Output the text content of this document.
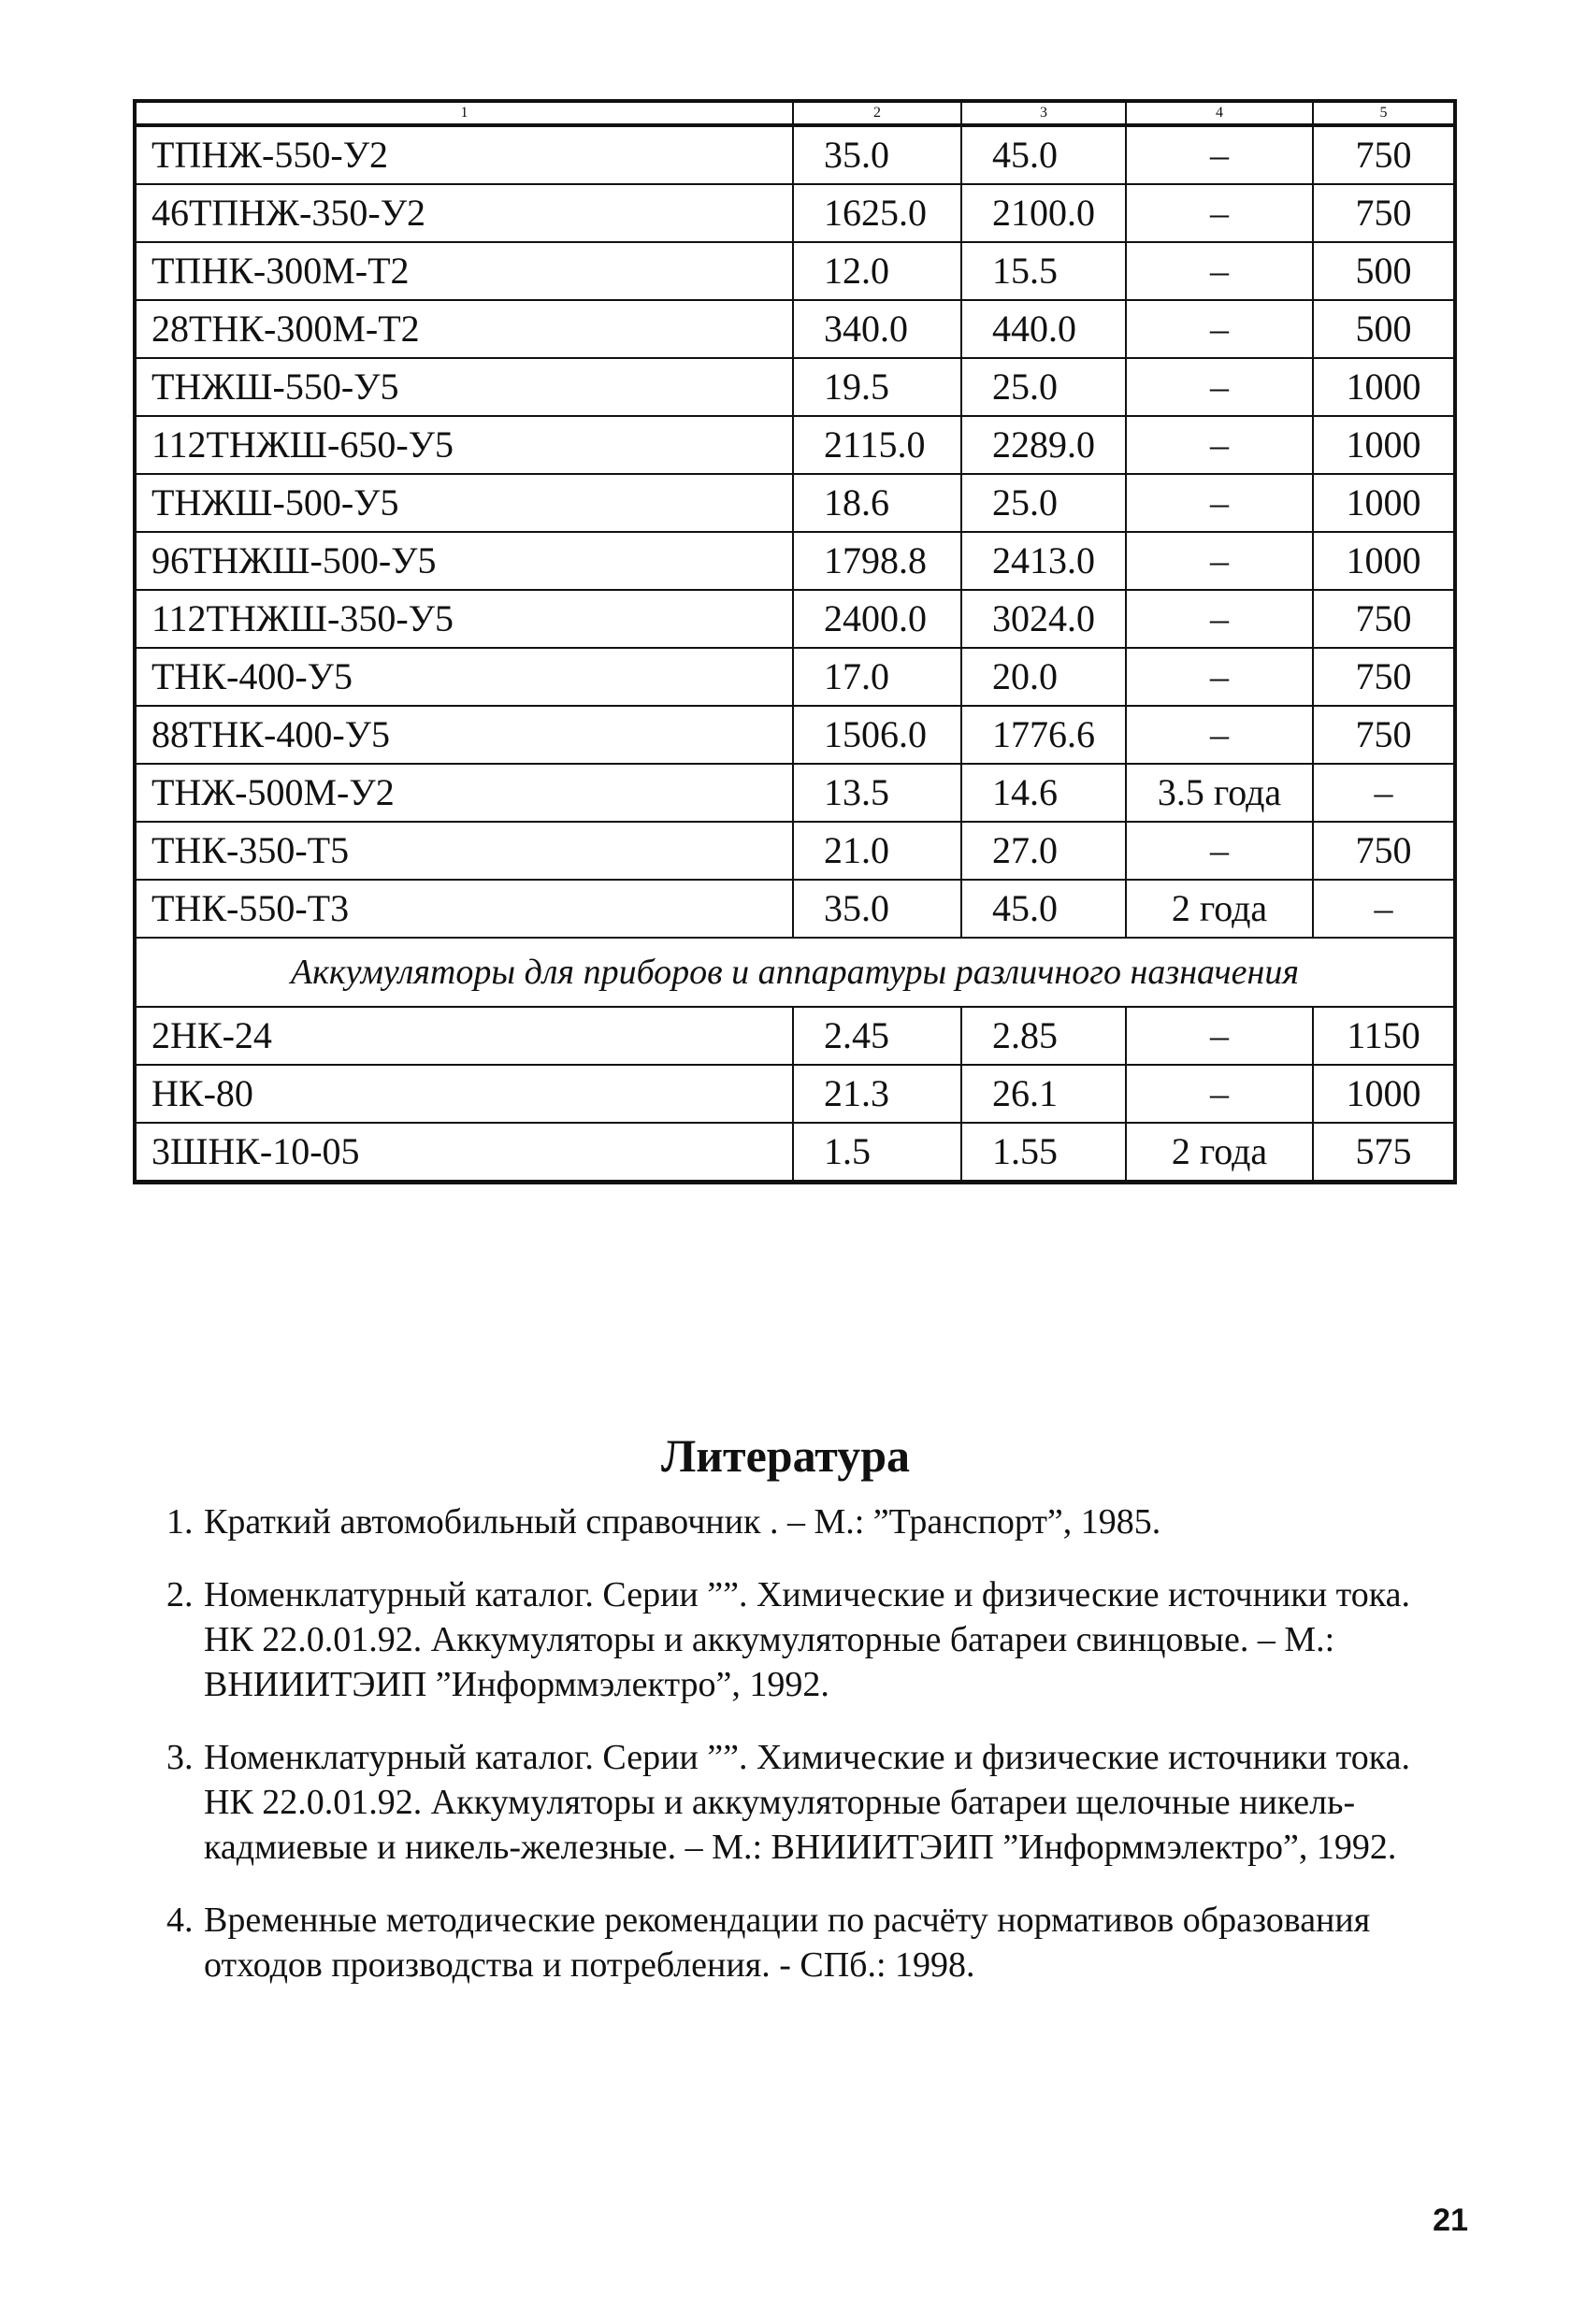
1	2	3	4	5
ТПНЖ-550-У2	35.0	45.0	–	750
46ТПНЖ-350-У2	1625.0	2100.0	–	750
ТПНК-300М-Т2	12.0	15.5	–	500
28ТНК-300М-Т2	340.0	440.0	–	500
ТНЖШ-550-У5	19.5	25.0	–	1000
112ТНЖШ-650-У5	2115.0	2289.0	–	1000
ТНЖШ-500-У5	18.6	25.0	–	1000
96ТНЖШ-500-У5	1798.8	2413.0	–	1000
112ТНЖШ-350-У5	2400.0	3024.0	–	750
ТНК-400-У5	17.0	20.0	–	750
88ТНК-400-У5	1506.0	1776.6	–	750
ТНЖ-500М-У2	13.5	14.6	3.5 года	–
ТНК-350-Т5	21.0	27.0	–	750
ТНК-550-Т3	35.0	45.0	2 года	–
Аккумуляторы для приборов и аппаратуры различного назначения				
2НК-24	2.45	2.85	–	1150
НК-80	21.3	26.1	–	1000
3ШНК-10-05	1.5	1.55	2 года	575
Литература
1. Краткий автомобильный справочник . – М.: ”Транспорт”, 1985.
2. Номенклатурный каталог. Серии ””. Химические и физические источники тока. НК 22.0.01.92. Аккумуляторы и аккумуляторные батареи свинцовые. – М.: ВНИИИТЭИП ”Информмэлектро”, 1992.
3. Номенклатурный каталог. Серии ””. Химические и физические источники тока. НК 22.0.01.92. Аккумуляторы и аккумуляторные батареи щелочные никель-кадмиевые и никель-железные. – М.: ВНИИИТЭИП ”Информмэлектро”, 1992.
4. Временные методические рекомендации по расчёту нормативов образования отходов производства и потребления. - СПб.: 1998.
21
